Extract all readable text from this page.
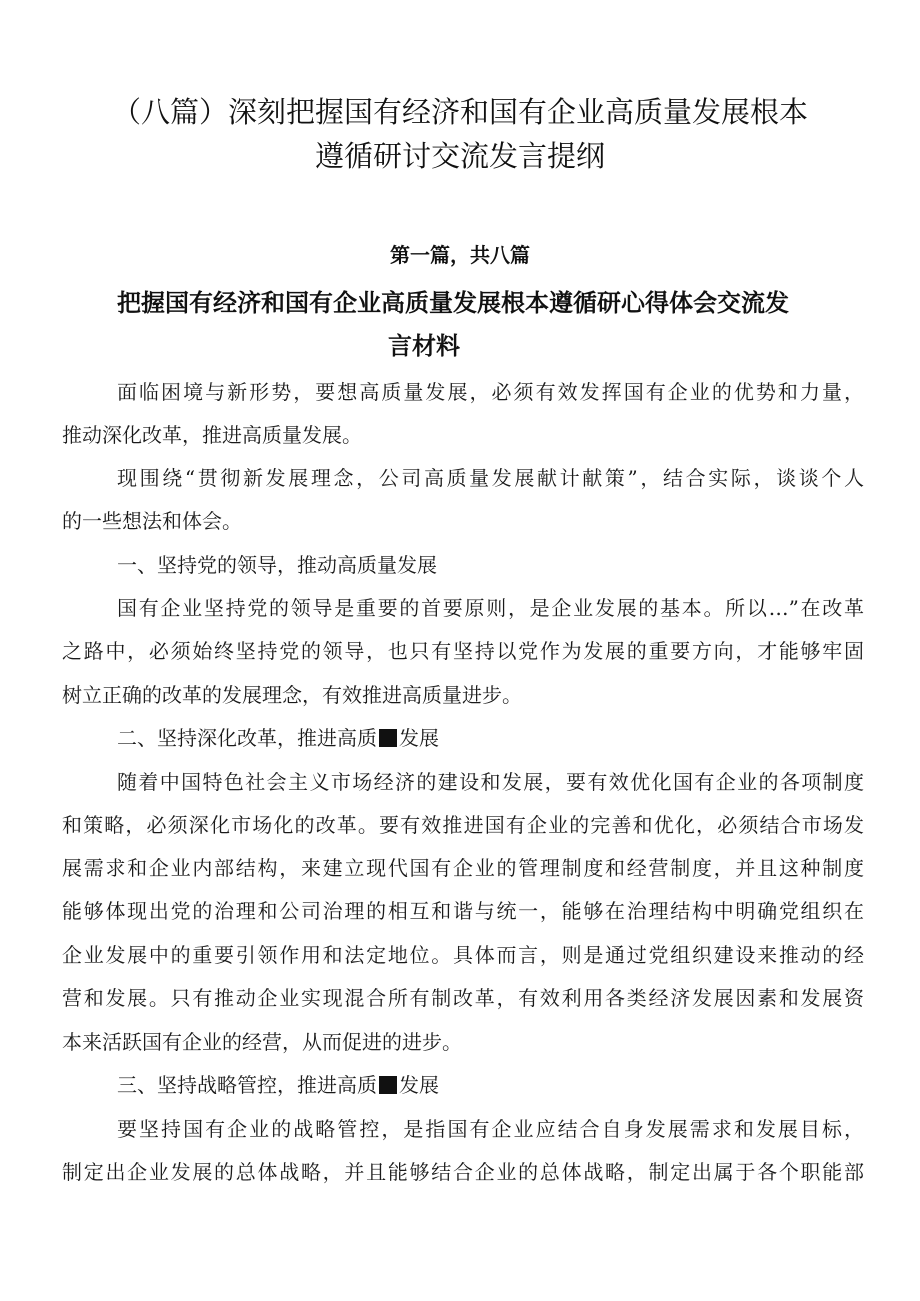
（八篇）深刻把握国有经济和国有企业高质量发展根本
遵循研讨交流发言提纲
第一篇，共八篇
把握国有经济和国有企业高质量发展根本遵循研心得体会交流发
言材料
面临困境与新形势，要想高质量发展，必须有效发挥国有企业的优势和力量，
推动深化改革，推进高质量发展。
现围绕“贯彻新发展理念，公司高质量发展献计献策”，结合实际，谈谈个人
的一些想法和体会。
一、坚持党的领导，推动高质量发展
国有企业坚持党的领导是重要的首要原则，是企业发展的基本。所以…”在改革
之路中，必须始终坚持党的领导，也只有坚持以党作为发展的重要方向，才能够牢固
树立正确的改革的发展理念，有效推进高质量进步。
二、坚持深化改革，推进高质 发展
随着中国特色社会主义市场经济的建设和发展，要有效优化国有企业的各项制度
和策略，必须深化市场化的改革。要有效推进国有企业的完善和优化，必须结合市场发
展需求和企业内部结构，来建立现代国有企业的管理制度和经营制度，并且这种制度
能够体现出党的治理和公司治理的相互和谐与统一，能够在治理结构中明确党组织在
企业发展中的重要引领作用和法定地位。具体而言，则是通过党组织建设来推动的经
营和发展。只有推动企业实现混合所有制改革，有效利用各类经济发展因素和发展资
本来活跃国有企业的经营，从而促进的进步。
三、坚持战略管控，推进高质 发展
要坚持国有企业的战略管控，是指国有企业应结合自身发展需求和发展目标，
制定出企业发展的总体战略，并且能够结合企业的总体战略，制定出属于各个职能部
